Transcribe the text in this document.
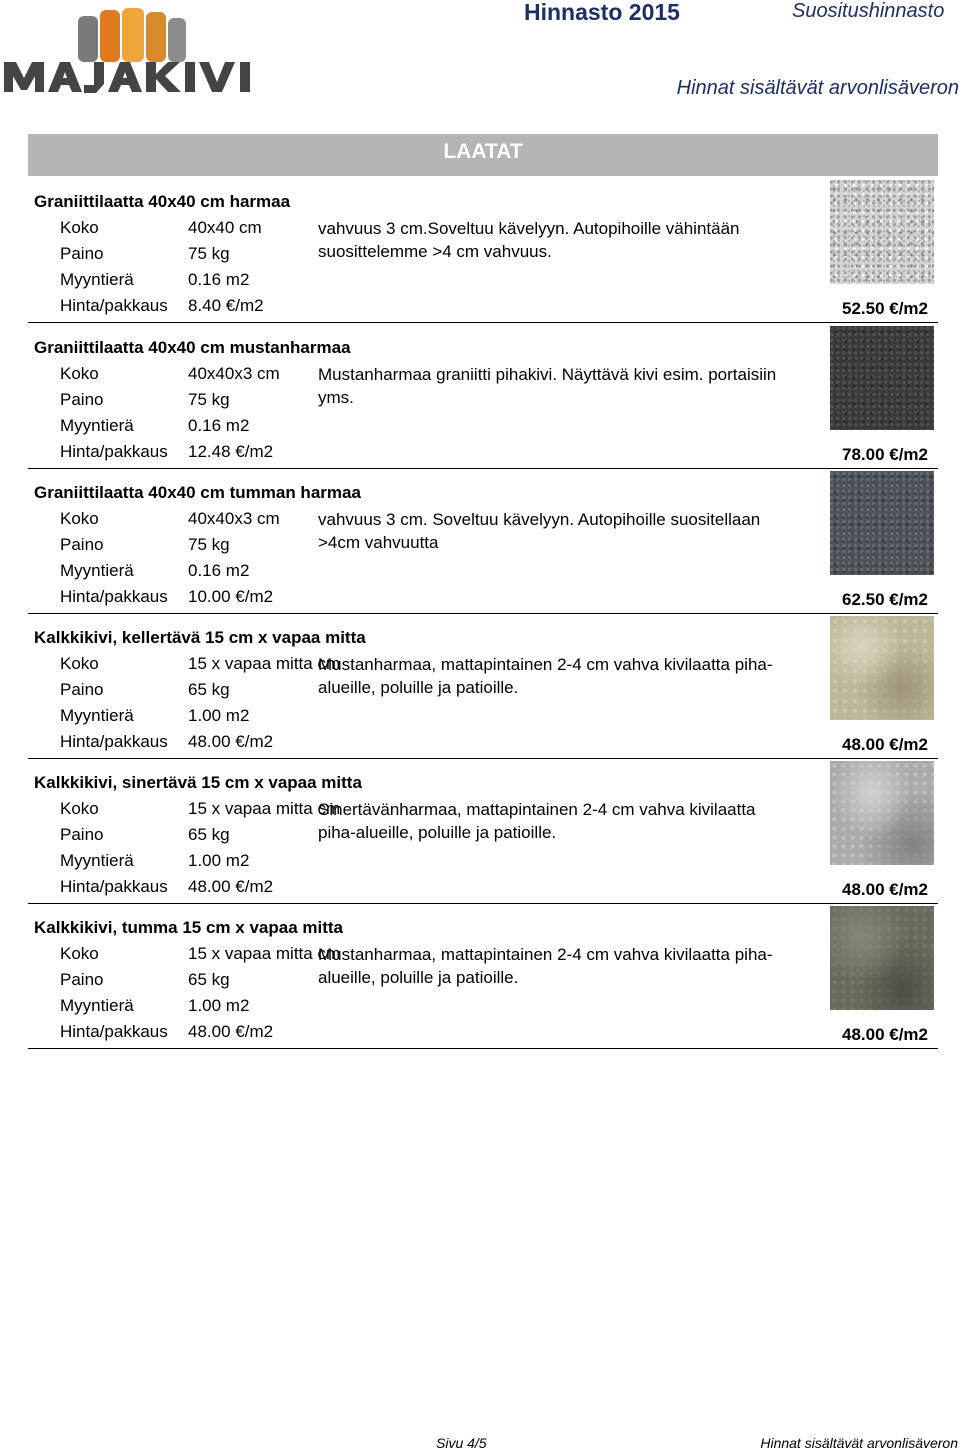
Hinnasto 2015	Suositushinnasto
Hinnat sisältävät arvonlisäveron
LAATAT
Graniittilaatta 40x40 cm harmaa
Koko	40x40 cm
Paino	75 kg
Myyntierä	0.16 m2
Hinta/pakkaus 8.40 €/m2
vahvuus 3 cm.Soveltuu kävelyyn. Autopihoille vähintään suosittelemme >4 cm vahvuus.
52.50 €/m2
Graniittilaatta 40x40 cm mustanharmaa
Koko	40x40x3 cm
Paino	75 kg
Myyntierä	0.16 m2
Hinta/pakkaus 12.48 €/m2
Mustanharmaa graniitti pihakivi. Näyttävä kivi esim. portaisiin yms.
78.00 €/m2
Graniittilaatta 40x40 cm tumman harmaa
Koko	40x40x3 cm
Paino	75 kg
Myyntierä	0.16 m2
Hinta/pakkaus 10.00 €/m2
vahvuus 3 cm. Soveltuu kävelyyn. Autopihoille suositellaan >4cm vahvuutta
62.50 €/m2
Kalkkikivi, kellertävä 15 cm x vapaa mitta
Koko	15 x vapaa mitta cm
Paino	65 kg
Myyntierä	1.00 m2
Hinta/pakkaus 48.00 €/m2
Mustanharmaa, mattapintainen 2-4 cm vahva kivilaatta piha-alueille, poluille ja patioille.
48.00 €/m2
Kalkkikivi, sinertävä 15 cm x vapaa mitta
Koko	15 x vapaa mitta cm
Paino	65 kg
Myyntierä	1.00 m2
Hinta/pakkaus 48.00 €/m2
Sinertävänharmaa, mattapintainen 2-4 cm vahva kivilaatta piha-alueille, poluille ja patioille.
48.00 €/m2
Kalkkikivi, tumma 15 cm x vapaa mitta
Koko	15 x vapaa mitta cm
Paino	65 kg
Myyntierä	1.00 m2
Hinta/pakkaus 48.00 €/m2
Mustanharmaa, mattapintainen 2-4 cm vahva kivilaatta piha-alueille, poluille ja patioille.
48.00 €/m2
Sivu 4/5	Hinnat sisältävät arvonlisäveron
